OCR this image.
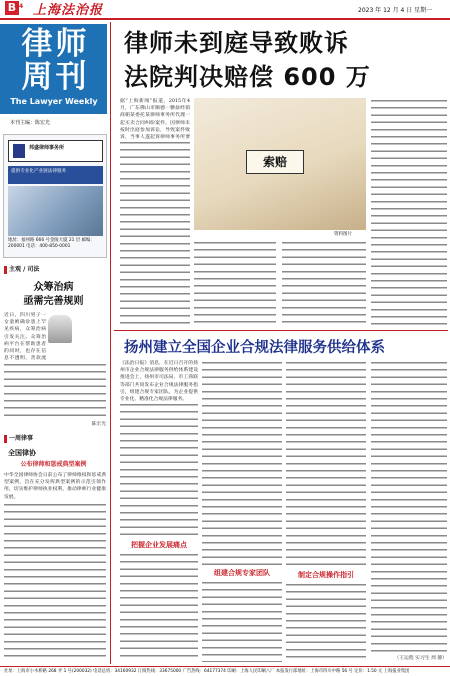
B 4 上海法治报	2023 年 12 月 4 日 星期一
律师周刊
The Lawyer Weekly
本刊主编：陈宏光
邦盛律师事务所
提供专业化产业链法律服务
地址：福州路 666 号金陵大厦 21 层 邮编：200001 电话：400-850-0001
主观 / 司法
众筹治病
亟需完善规则
近日，四川男子一女童被确诊患上罕见疾病，众筹治病引发关注。众筹治病平台在帮助患者的同时，也存在信息不透明、善款流
陈宏光
一周律事
全国律协
公布律师和惩戒典型案例
中华全国律师协会日前公布了律师维权和惩戒典型案例，旨在充分发挥典型案例的示范引领作用，切实维护律师执业权利，推动律师行业健康发展。
律师未到庭导致败诉
法院判决赔偿 600 万
据“上海新闻”报道，2015年4月，广东佛山市顺德一糖盐经销商朝某委托某律师事务所代理一起买卖合同纠纷案件。因律师未按时出庭参加诉讼，导致案件败诉，当事人遂起诉律师事务所要
索赔
资料图片
扬州建立全国企业合规法律服务供给体系
《法治日报》消息，在近日召开的扬州市企业合规法律服务供给体系建设推进会上，扬州市司法局、市工商联等部门共同发布企业合规法律服务指引，组建合规专家团队，为企业提供专业化、精准化合规法律服务。
把握企业发展痛点
组建合规专家团队	制定合规操作指引
（王运程 实习生 周 静）
社址：上海市小木桥路 268 弄 1 号(200032) 电话总机：34160932 订阅热线：33675000 广告热线：64177374 印刷：上海人民印刷八厂 本报发行部地址：上海市四川中路 56 号 定价：1.50 元 上海报业集团
